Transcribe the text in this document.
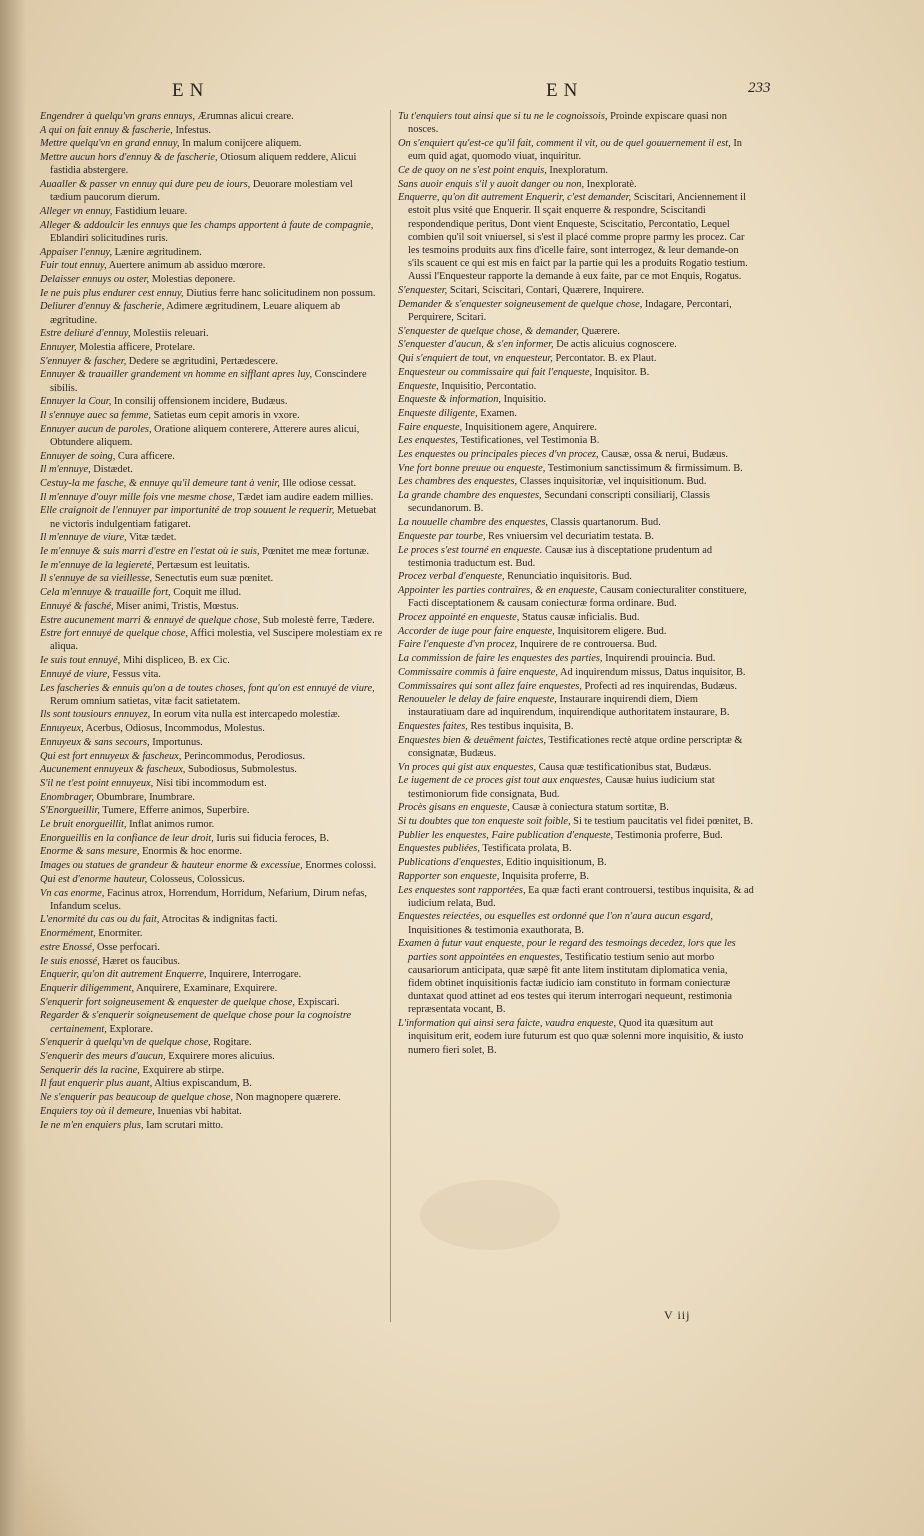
EN	EN	233
Engendrer à quelqu'vn grans ennuys, Ærumnas alicui creare.
A qui on fait ennuy & fascherie, Infestus.
Mettre quelqu'vn en grand ennuy, In malum conijcere aliquem.
Mettre aucun hors d'ennuy & de fascherie, Otiosum aliquem reddere, Alicui fastidia abstergere.
Auaaller & passer vn ennuy qui dure peu de iours, Deuorare molestiam vel tædium paucorum dierum.
Alleger vn ennuy, Fastidium leuare.
Alleger & addoulcir les ennuys que les champs apportent à faute de compagnie, Eblandiri solicitudines ruris.
Appaiser l'ennuy, Lænire ægritudinem.
Fuir tout ennuy, Auertere animum ab assiduo mœrore.
Delaisser ennuys ou oster, Molestias deponere.
Ie ne puis plus endurer cest ennuy, Diutius ferre hanc solicitudinem non possum.
Deliurer d'ennuy & fascherie, Adimere ægritudinem, Leuare aliquem ab ægritudine.
Estre deliuré d'ennuy, Molestiis releuari.
Ennuyer, Molestia afficere, Protelare.
S'ennuyer & fascher, Dedere se ægritudini, Pertædescere.
Ennuyer & trauailler grandement vn homme en sifflant apres luy, Conscindere sibilis.
Ennuyer la Cour, In consilij offensionem incidere, Budæus.
Il s'ennuye auec sa femme, Satietas eum cepit amoris in vxore.
Ennuyer aucun de paroles, Oratione aliquem conterere, Atterere aures alicui, Obtundere aliquem.
Ennuyer de soing, Cura afficere.
Il m'ennuye, Distædet.
Cestuy-la me fasche, & ennuye qu'il demeure tant à venir, Ille odiose cessat.
Il m'ennuye d'ouyr mille fois vne mesme chose, Tædet iam audire eadem millies.
Elle craignoit de l'ennuyer par importunité de trop souuent le requerir, Metuebat ne victoris indulgentiam fatigaret.
Il m'ennuye de viure, Vitæ tædet.
Ie m'ennuye & suis marri d'estre en l'estat où ie suis, Pœnitet me meæ fortunæ.
Ie m'ennuye de la legiereté, Pertæsum est leuitatis.
Il s'ennuye de sa vieillesse, Senectutis eum suæ pœnitet.
Cela m'ennuye & trauaille fort, Coquit me illud.
Ennuyé & fasché, Miser animi, Tristis, Mœstus.
Estre aucunement marri & ennuyé de quelque chose, Sub molestè ferre, Tædere.
Estre fort ennuyé de quelque chose, Affici molestia, vel Suscipere molestiam ex re aliqua.
Ie suis tout ennuyé, Mihi displiceo, B. ex Cic.
Ennuyé de viure, Fessus vita.
Les fascheries & ennuis qu'on a de toutes choses, font qu'on est ennuyé de viure, Rerum omnium satietas, vitæ facit satietatem.
Ils sont tousiours ennuyez, In eorum vita nulla est intercapedo molestiæ.
Ennuyeux, Acerbus, Odiosus, Incommodus, Molestus.
Ennuyeux & sans secours, Importunus.
Qui est fort ennuyeux & fascheux, Perincommodus, Perodiosus.
Aucunement ennuyeux & fascheux, Subodiosus, Submolestus.
S'il ne t'est point ennuyeux, Nisi tibi incommodum est.
Enombrager, Obumbrare, Inumbrare.
S'Enorgueillir, Tumere, Efferre animos, Superbire.
Le bruit enorgueillit, Inflat animos rumor.
Enorgueillis en la confiance de leur droit, Iuris sui fiducia feroces, B.
Enorme & sans mesure, Enormis & hoc enorme.
Images ou statues de grandeur & hauteur enorme & excessiue, Enormes colossi.
Qui est d'enorme hauteur, Colosseus, Colossicus.
Vn cas enorme, Facinus atrox, Horrendum, Horridum, Nefarium, Dirum nefas, Infandum scelus.
L'enormité du cas ou du fait, Atrocitas & indignitas facti.
Enormément, Enormiter.
estre Enossé, Osse perfocari.
Ie suis enossé, Hæret os faucibus.
Enquerir, qu'on dit autrement Enquerre, Inquirere, Interrogare.
Enquerir diligemment, Anquirere, Examinare, Exquirere.
S'enquerir fort soigneusement & enquester de quelque chose, Expiscari.
Regarder & s'enquerir soigneusement de quelque chose pour la cognoistre certainement, Explorare.
S'enquerir à quelqu'vn de quelque chose, Rogitare.
S'enquerir des meurs d'aucun, Exquirere mores alicuius.
Senquerir dés la racine, Exquirere ab stirpe.
Il faut enquerir plus auant, Altius expiscandum, B.
Ne s'enquerir pas beaucoup de quelque chose, Non magnopere quærere.
Enquiers toy où il demeure, Inuenias vbi habitat.
Ie ne m'en enquiers plus, Iam scrutari mitto.
Tu t'enquiers tout ainsi que si tu ne le cognoissois, Proinde expiscare quasi non nosces.
On s'enquiert qu'est-ce qu'il fait, comment il vit, ou de quel gouuernement il est, In eum quid agat, quomodo viuat, inquiritur.
Ce de quoy on ne s'est point enquis, Inexploratum.
Sans auoir enquis s'il y auoit danger ou non, Inexploratè.
Enquerre, qu'on dit autrement Enquerir, c'est demander, Sciscitari, Anciennement il estoit plus vsité que Enquerir. Il sçait enquerre & respondre, Sciscitandi respondendique peritus, Dont vient Enqueste, Sciscitatio, Percontatio, Lequel combien qu'il soit vniuersel, si s'est il placé comme propre parmy les procez. Car les tesmoins produits aux fins d'icelle faire, sont interrogez, & leur demande-on s'ils scauent ce qui est mis en faict par la partie qui les a produits Rogatio testium. Aussi l'Enquesteur rapporte la demande à eux faite, par ce mot Enquis, Rogatus.
S'enquester, Scitari, Sciscitari, Contari, Quærere, Inquirere.
Demander & s'enquester soigneusement de quelque chose, Indagare, Percontari, Perquirere, Scitari.
S'enquester de quelque chose, & demander, Quærere.
S'enquester d'aucun, & s'en informer, De actis alicuius cognoscere.
Qui s'enquiert de tout, vn enquesteur, Percontator. B. ex Plaut.
Enquesteur ou commissaire qui fait l'enqueste, Inquisitor. B.
Enqueste, Inquisitio, Percontatio.
Enqueste & information, Inquisitio.
Enqueste diligente, Examen.
Faire enqueste, Inquisitionem agere, Anquirere.
Les enquestes, Testificationes, vel Testimonia B.
Les enquestes ou principales pieces d'vn procez, Causæ, ossa & nerui, Budæus.
Vne fort bonne preuue ou enqueste, Testimonium sanctissimum & firmissimum. B.
Les chambres des enquestes, Classes inquisitoriæ, vel inquisitionum. Bud.
La grande chambre des enquestes, Secundani conscripti consiliarij, Classis secundanorum. B.
La nouuelle chambre des enquestes, Classis quartanorum. Bud.
Enqueste par tourbe, Res vniuersim vel decuriatim testata. B.
Le proces s'est tourné en enqueste. Causæ ius à disceptatione prudentum ad testimonia traductum est. Bud.
Procez verbal d'enqueste, Renunciatio inquisitoris. Bud.
Appointer les parties contraires, & en enqueste, Causam coniecturaliter constituere, Facti disceptationem & causam coniecturæ forma ordinare. Bud.
Procez appointé en enqueste, Status causæ inficialis. Bud.
Accorder de iuge pour faire enqueste, Inquisitorem eligere. Bud.
Faire l'enqueste d'vn procez, Inquirere de re controuersa. Bud.
La commission de faire les enquestes des parties, Inquirendi prouincia. Bud.
Commissaire commis à faire enqueste, Ad inquirendum missus, Datus inquisitor, B.
Commissaires qui sont allez faire enquestes, Profecti ad res inquirendas, Budæus.
Renouueler le delay de faire enqueste, Instaurare inquirendi diem, Diem instauratiuam dare ad inquirendum, inquirendique authoritatem instaurare, B.
Enquestes faites, Res testibus inquisita, B.
Enquestes bien & deuëment faictes, Testificationes rectè atque ordine perscriptæ & consignatæ, Budæus.
Vn proces qui gist aux enquestes, Causa quæ testificationibus stat, Budæus.
Le iugement de ce proces gist tout aux enquestes, Causæ huius iudicium stat testimoniorum fide consignata, Bud.
Procès gisans en enqueste, Causæ à coniectura statum sortitæ, B.
Si tu doubtes que ton enqueste soit foible, Si te testium paucitatis vel fidei pœnitet, B.
Publier les enquestes, Faire publication d'enqueste, Testimonia proferre, Bud.
Enquestes publiées, Testificata prolata, B.
Publications d'enquestes, Editio inquisitionum, B.
Rapporter son enqueste, Inquisita proferre, B.
Les enquestes sont rapportées, Ea quæ facti erant controuersi, testibus inquisita, & ad iudicium relata, Bud.
Enquestes reiectées, ou esquelles est ordonné que l'on n'aura aucun esgard, Inquisitiones & testimonia exauthorata, B.
Examen à futur vaut enqueste, pour le regard des tesmoings decedez, lors que les parties sont appointées en enquestes, Testificatio testium senio aut morbo causariorum anticipata, quæ sæpè fit ante litem institutam diplomatica venia, fidem obtinet inquisitionis factæ iudicio iam constituto in formam coniecturæ duntaxat quod attinet ad eos testes qui iterum interrogari nequeunt, restimonia repræsentata vocant, B.
L'information qui ainsi sera faicte, vaudra enqueste, Quod ita quæsitum aut inquisitum erit, eodem iure futurum est quo quæ solenni more inquisitio, & iusto numero fieri solet, B.
V iij
